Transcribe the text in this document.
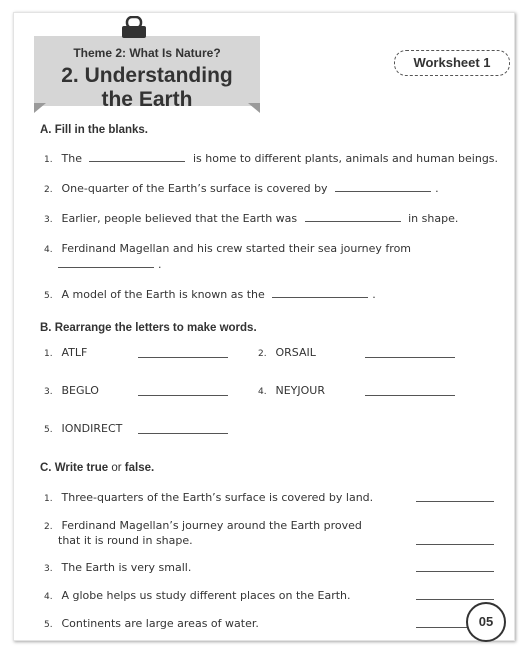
Theme 2: What Is Nature?
2. Understanding
the Earth
Worksheet 1
A. Fill in the blanks.
1. The	is home to different plants, animals and human beings.
2. One-quarter of the Earth’s surface is covered by	.
3. Earlier, people believed that the Earth was	in shape.
4. Ferdinand Magellan and his crew started their sea journey from
.
5. A model of the Earth is known as the	.
B. Rearrange the letters to make words.
1. ATLF	2. ORSAIL
3. BEGLO	4. NEYJOUR
5. IONDIRECT
C. Write true or false.
1. Three-quarters of the Earth’s surface is covered by land.
2. Ferdinand Magellan’s journey around the Earth proved
that it is round in shape.
3. The Earth is very small.
4. A globe helps us study different places on the Earth.
5. Continents are large areas of water.	05
